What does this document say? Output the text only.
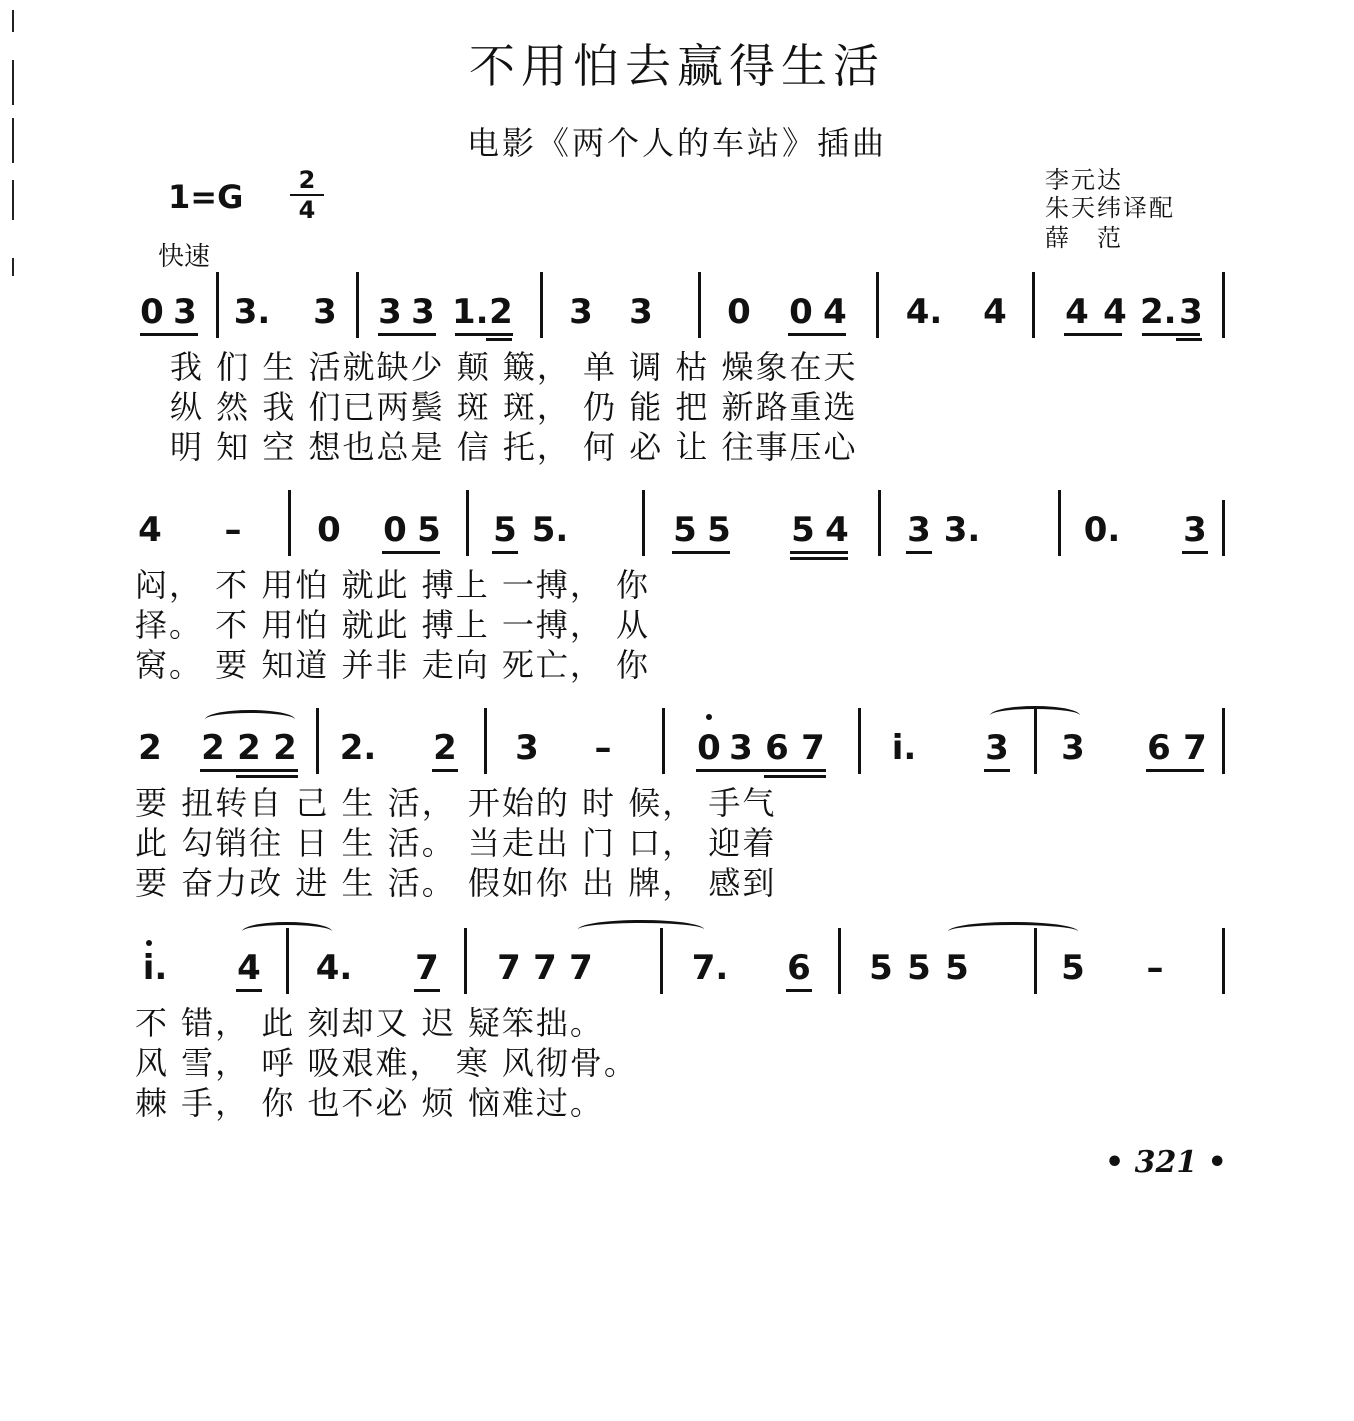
不用怕去赢得生活
电影《两个人的车站》插曲
李元达
朱天纬译配
薛　范
1=G	2
4
快速
0 3 3. 3 3 3 1. 2 3 3 0 0 4 4. 4 4 4 2. 3
我 们 生 活就缺少 颠 簸， 单 调 枯 燥象在天
纵 然 我 们已两鬓 斑 斑， 仍 能 把 新路重选
明 知 空 想也总是 信 托， 何 必 让 往事压心
4 – 0 0 5 5 5.	5 5 5 4 3 3.	0. 3
闷， 不 用怕 就此 搏上 一搏， 你
择。 不 用怕 就此 搏上 一搏， 从
窝。 要 知道 并非 走向 死亡， 你
2 2 2 2 2. 2 3 –	0 3 6 7 i. 3 3 6 7
要 扭转自 己 生 活， 开始的 时 候， 手气
此 勾销往 日 生 活。 当走出 门 口， 迎着
要 奋力改 进 生 活。 假如你 出 牌， 感到
i. 4 4. 7 7 7 7	7. 6 5 5 5	5 –
不 错， 此 刻却又 迟 疑笨拙。
风 雪， 呼 吸艰难， 寒 风彻骨。
棘 手， 你 也不必 烦 恼难过。
• 321 •
